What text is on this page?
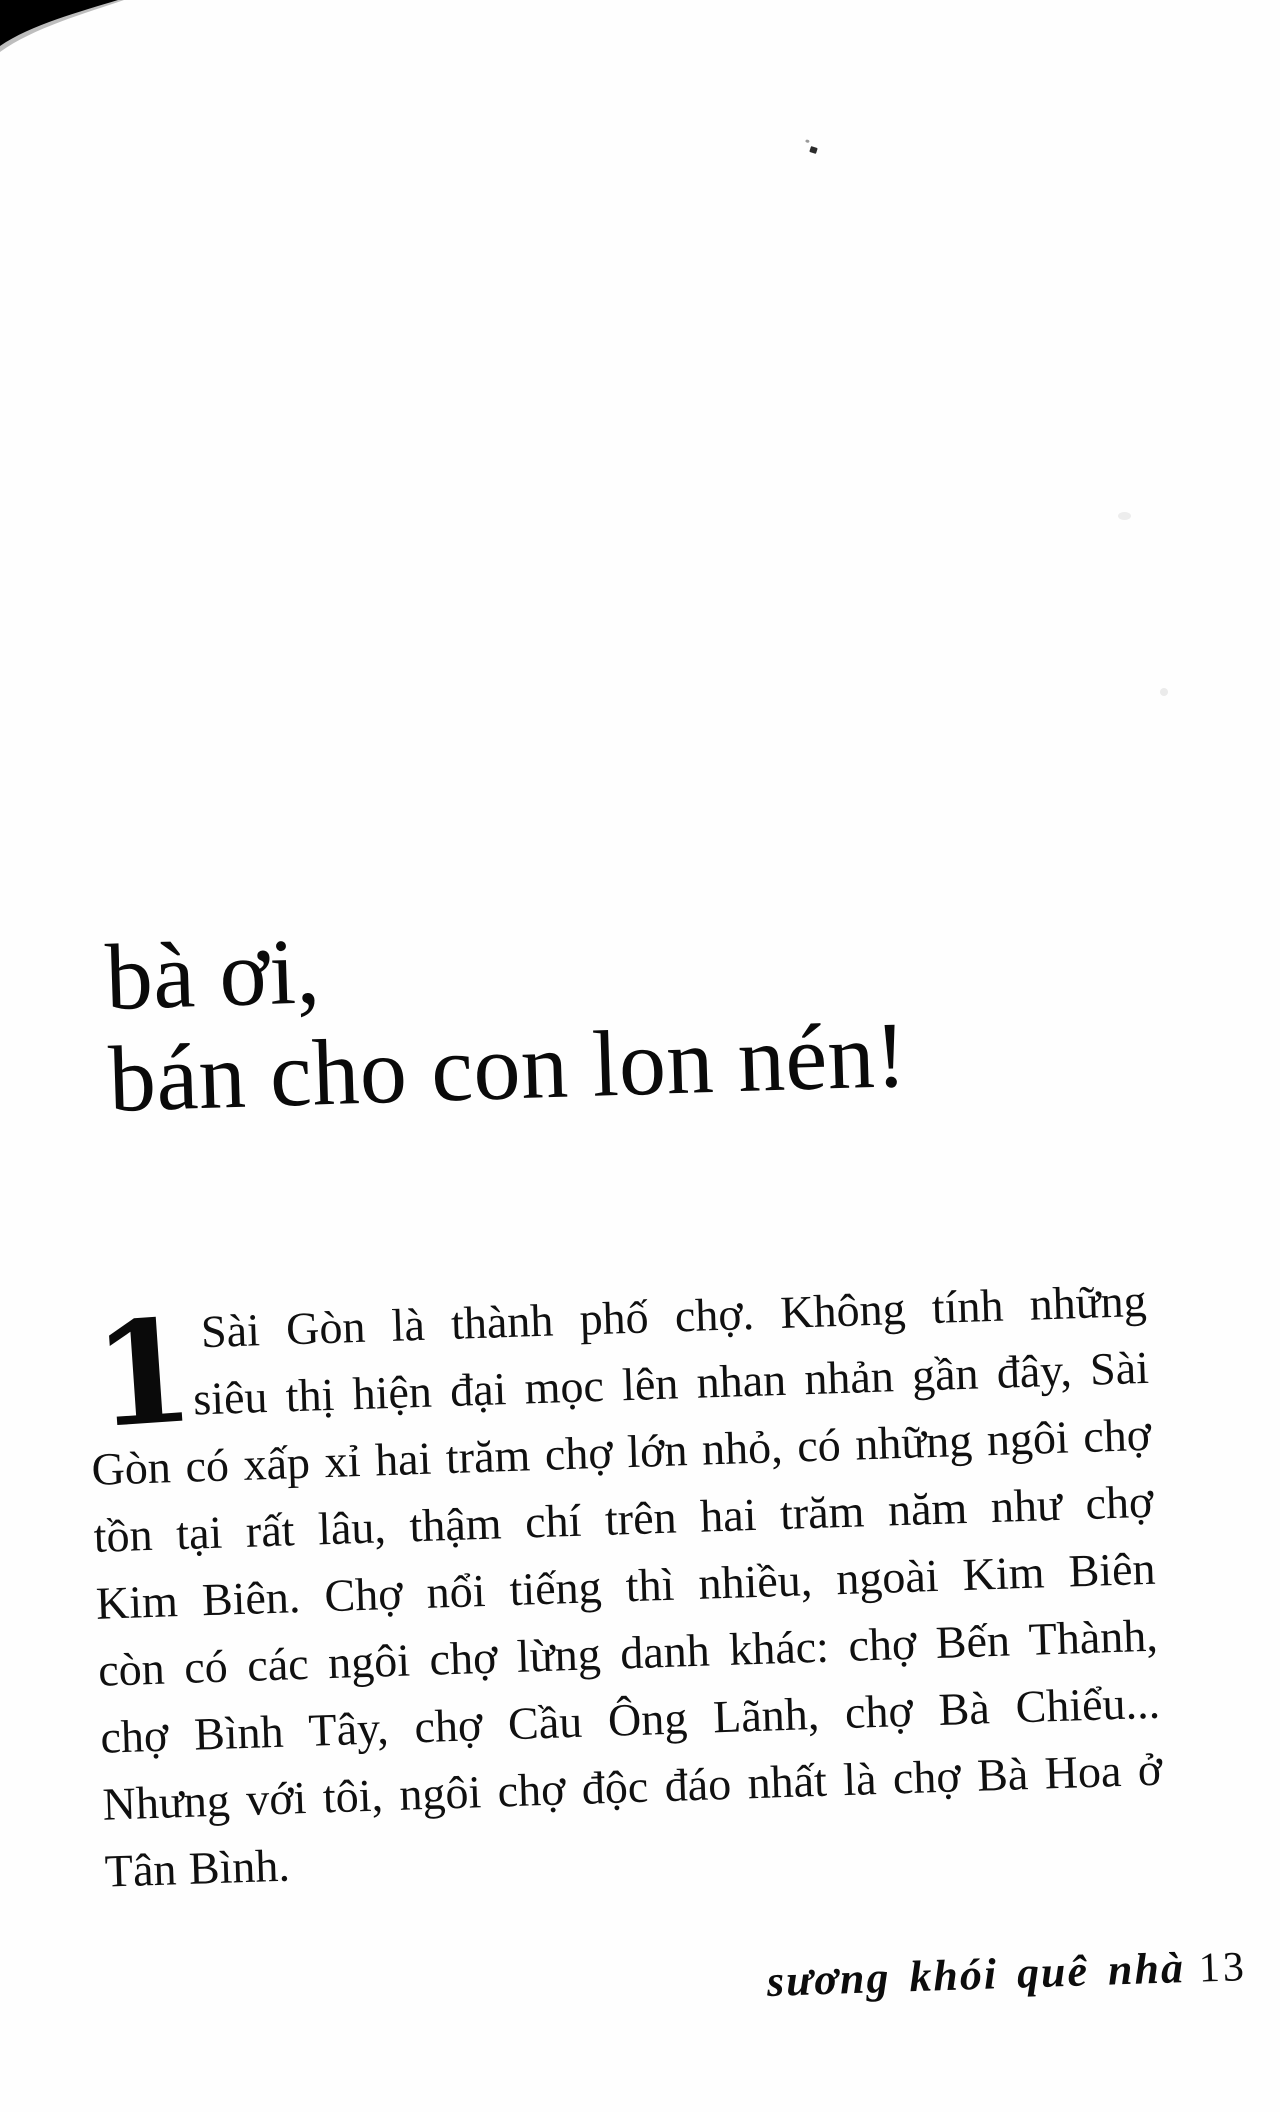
bà ơi,
bán cho con lon nén!
1 Sài Gòn là thành phố chợ. Không tính những
siêu thị hiện đại mọc lên nhan nhản gần đây, Sài
Gòn có xấp xỉ hai trăm chợ lớn nhỏ, có những ngôi chợ
tồn tại rất lâu, thậm chí trên hai trăm năm như chợ
Kim Biên. Chợ nổi tiếng thì nhiều, ngoài Kim Biên
còn có các ngôi chợ lừng danh khác: chợ Bến Thành,
chợ Bình Tây, chợ Cầu Ông Lãnh, chợ Bà Chiểu...
Nhưng với tôi, ngôi chợ độc đáo nhất là chợ Bà Hoa ở
Tân Bình.
sương khói quê nhà 13
